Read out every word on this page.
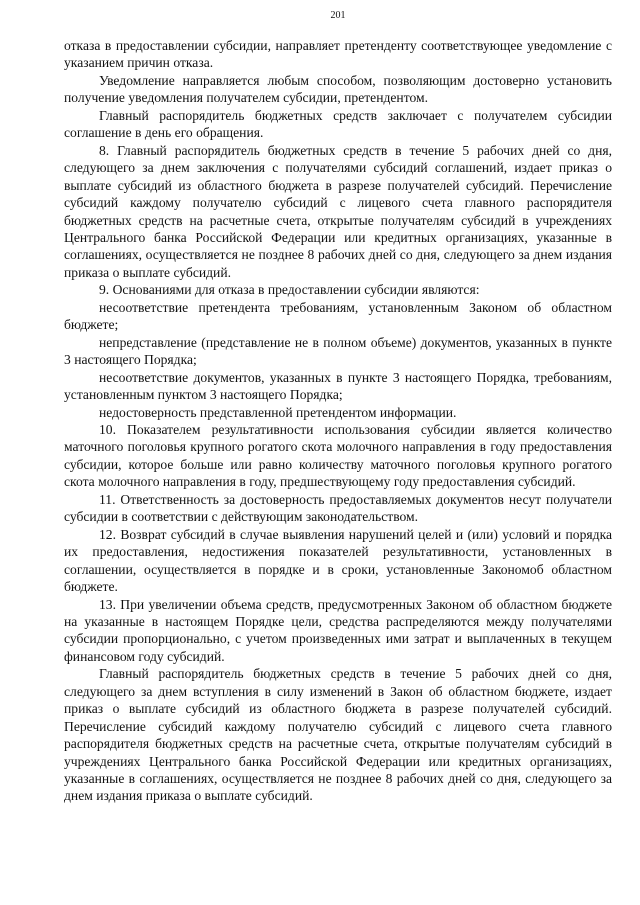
201

отказа в предоставлении субсидии, направляет претенденту соответствующее уведомление с указанием причин отказа.

Уведомление направляется любым способом, позволяющим достоверно установить получение уведомления получателем субсидии, претендентом.

Главный распорядитель бюджетных средств заключает с получателем субсидии соглашение в день его обращения.

8. Главный распорядитель бюджетных средств в течение 5 рабочих дней со дня, следующего за днем заключения с получателями субсидий соглашений, издает приказ о выплате субсидий из областного бюджета в разрезе получателей субсидий. Перечисление субсидий каждому получателю субсидий с лицевого счета главного распорядителя бюджетных средств на расчетные счета, открытые получателям субсидий в учреждениях Центрального банка Российской Федерации или кредитных организациях, указанные в соглашениях, осуществляется не позднее 8 рабочих дней со дня, следующего за днем издания приказа о выплате субсидий.

9. Основаниями для отказа в предоставлении субсидии являются:

несоответствие претендента требованиям, установленным Законом об областном бюджете;

непредставление (представление не в полном объеме) документов, указанных в пункте 3 настоящего Порядка;

несоответствие документов, указанных в пункте 3 настоящего Порядка, требованиям, установленным пунктом 3 настоящего Порядка;

недостоверность представленной претендентом информации.

10. Показателем результативности использования субсидии является количество маточного поголовья крупного рогатого скота молочного направления в году предоставления субсидии, которое больше или равно количеству маточного поголовья крупного рогатого скота молочного направления в году, предшествующему году предоставления субсидий.

11. Ответственность за достоверность предоставляемых документов несут получатели субсидии в соответствии с действующим законодательством.

12. Возврат субсидий в случае выявления нарушений целей и (или) условий и порядка их предоставления, недостижения показателей результативности, установленных в соглашении, осуществляется в порядке и в сроки, установленные Закономоб областном бюджете.

13. При увеличении объема средств, предусмотренных Законом об областном бюджете на указанные в настоящем Порядке цели, средства распределяются между получателями субсидии пропорционально, с учетом произведенных ими затрат и выплаченных в текущем финансовом году субсидий.

Главный распорядитель бюджетных средств в течение 5 рабочих дней со дня, следующего за днем вступления в силу изменений в Закон об областном бюджете, издает приказ о выплате субсидий из областного бюджета в разрезе получателей субсидий. Перечисление субсидий каждому получателю субсидий с лицевого счета главного распорядителя бюджетных средств на расчетные счета, открытые получателям субсидий в учреждениях Центрального банка Российской Федерации или кредитных организациях, указанные в соглашениях, осуществляется не позднее 8 рабочих дней со дня, следующего за днем издания приказа о выплате субсидий.
